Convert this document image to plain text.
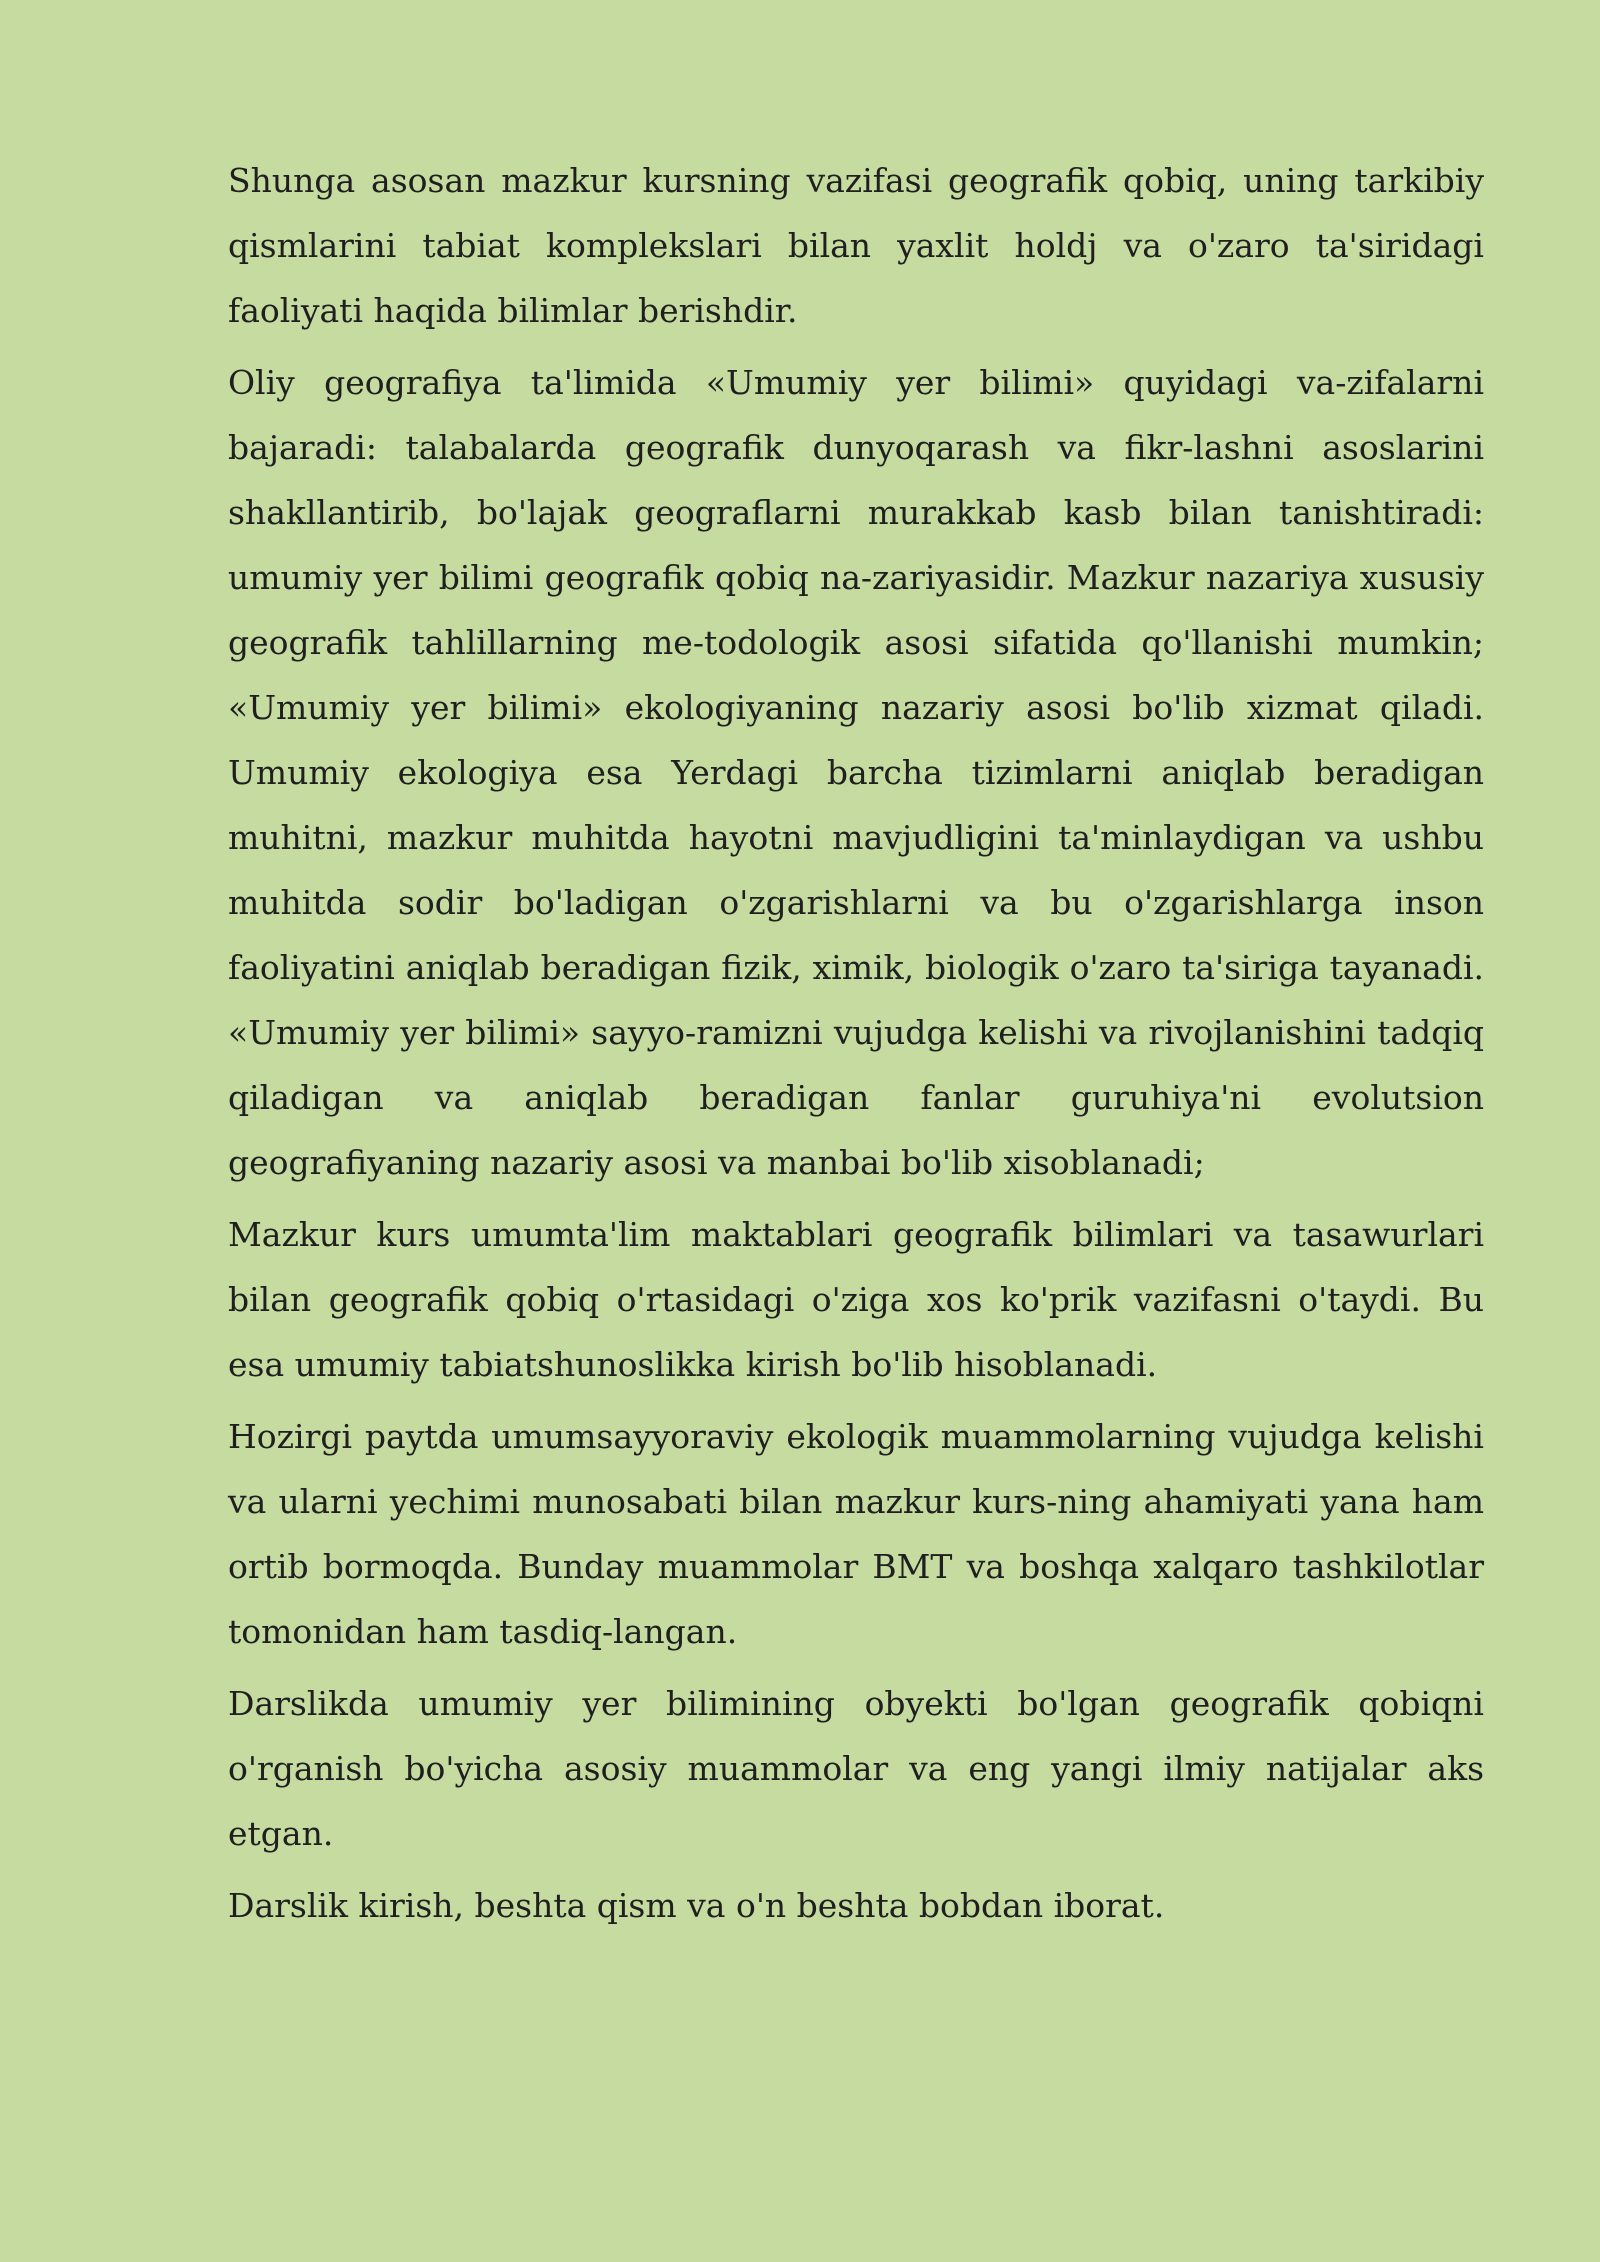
Shunga asosan mazkur kursning vazifasi geografik qobiq, uning tarkibiy qismlarini tabiat komplekslari bilan yaxlit holdj va o'zaro ta'siridagi faoliyati haqida bilimlar berishdir.

Oliy geografiya ta'limida «Umumiy yer bilimi» quyidagi va-zifalarni bajaradi: talabalarda geografik dunyoqarash va fikr-lashni asoslarini shakllantirib, bo'lajak geograflarni murakkab kasb bilan tanishtiradi: umumiy yer bilimi geografik qobiq na-zariyasidir. Mazkur nazariya xususiy geografik tahlillarning me-todologik asosi sifatida qo'llanishi mumkin; «Umumiy yer bilimi» ekologiyaning nazariy asosi bo'lib xizmat qiladi. Umumiy ekologiya esa Yerdagi barcha tizimlarni aniqlab beradigan muhitni, mazkur muhitda hayotni mavjudligini ta'minlaydigan va ushbu muhitda sodir bo'ladigan o'zgarishlarni va bu o'zgarishlarga inson faoliyatini aniqlab beradigan fizik, ximik, biologik o'zaro ta'siriga tayanadi. «Umumiy yer bilimi» sayyo-ramizni vujudga kelishi va rivojlanishini tadqiq qiladigan va aniqlab beradigan fanlar guruhiya'ni evolutsion geografiyaning nazariy asosi va manbai bo'lib xisoblanadi;

Mazkur kurs umumta'lim maktablari geografik bilimlari va tasawurlari bilan geografik qobiq o'rtasidagi o'ziga xos ko'prik vazifasni o'taydi. Bu esa umumiy tabiatshunoslikka kirish bo'lib hisoblanadi.

Hozirgi paytda umumsayyoraviy ekologik muammolarning vujudga kelishi va ularni yechimi munosabati bilan mazkur kurs-ning ahamiyati yana ham ortib bormoqda. Bunday muammolar BMT va boshqa xalqaro tashkilotlar tomonidan ham tasdiq-langan.

Darslikda umumiy yer bilimining obyekti bo'lgan geografik qobiqni o'rganish bo'yicha asosiy muammolar va eng yangi ilmiy natijalar aks etgan.

Darslik kirish, beshta qism va o'n beshta bobdan iborat.
